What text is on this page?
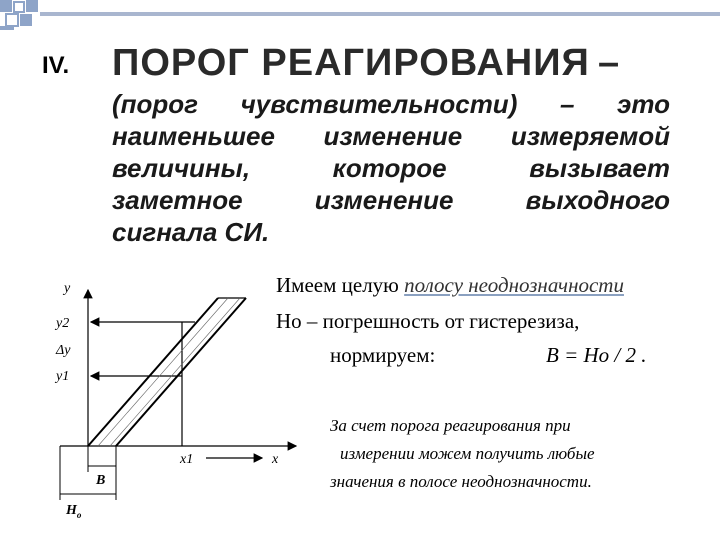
IV. ПОРОГ РЕАГИРОВАНИЯ –
(порог чувствительности) – это
наименьшее изменение измеряемой
величины,	которое	вызывает
заметное	изменение	выходного
сигнала СИ.
Имеем целую полосу неоднозначности
Но – погрешность от гистерезиза,
нормируем:	B = Ho / 2 .
За счет порога реагирования при
измерении можем получить любые
значения в полосе неоднозначности.
у
у2
Δу
у1
х1	х
В
$Н_о$
